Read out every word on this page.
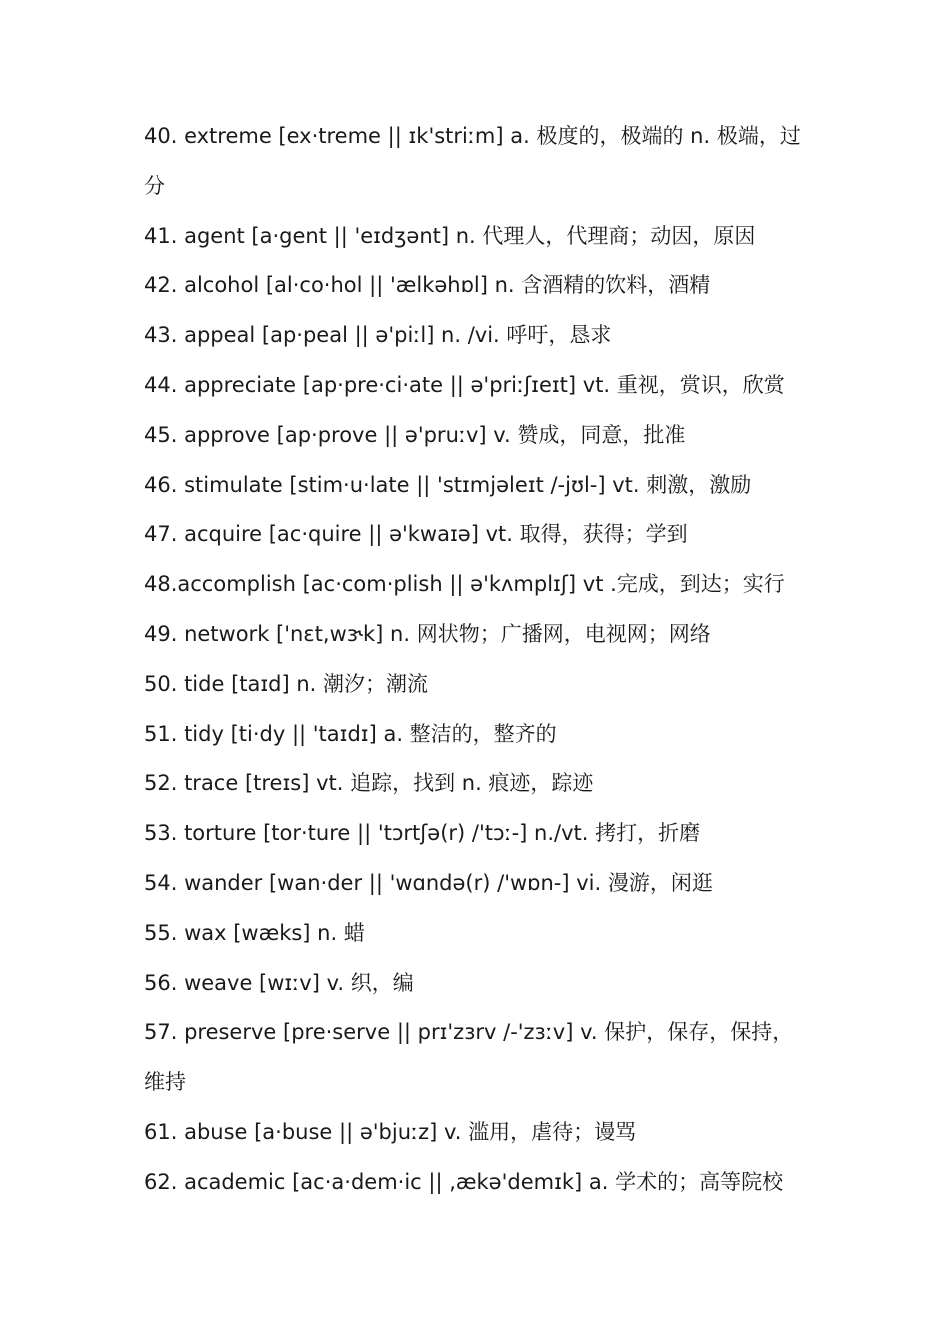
40. extreme [ex·treme || ɪk'striːm] a. 极度的，极端的 n. 极端，过
分
41. agent [a·gent || 'eɪdʒənt] n. 代理人，代理商；动因，原因
42. alcohol [al·co·hol || 'ælkəhɒl] n. 含酒精的饮料，酒精
43. appeal [ap·peal || ə'piːl] n. /vi. 呼吁，恳求
44. appreciate [ap·pre·ci·ate || ə'priːʃɪeɪt] vt. 重视，赏识，欣赏
45. approve [ap·prove || ə'pruːv] v. 赞成，同意，批准
46. stimulate [stim·u·late || 'stɪmjəleɪt /-jʊl-] vt. 刺激，激励
47. acquire [ac·quire || ə'kwaɪə] vt. 取得，获得；学到
48.accomplish [ac·com·plish || ə'kʌmplɪʃ] vt .完成，到达；实行
49. network ['nɛt,wɝk] n. 网状物；广播网，电视网；网络
50. tide [taɪd] n. 潮汐；潮流
51. tidy [ti·dy || 'taɪdɪ] a. 整洁的，整齐的
52. trace [treɪs] vt. 追踪，找到 n. 痕迹，踪迹
53. torture [tor·ture || 'tɔrtʃə(r) /'tɔː-] n./vt. 拷打，折磨
54. wander [wan·der || 'wɑndə(r) /'wɒn-] vi. 漫游，闲逛
55. wax [wæks] n. 蜡
56. weave [wɪːv] v. 织，编
57. preserve [pre·serve || prɪ'zɜrv /-'zɜːv] v. 保护，保存，保持，
维持
61. abuse [a·buse || ə'bjuːz] v. 滥用，虐待；谩骂
62. academic [ac·a·dem·ic || ,ækə'demɪk] a. 学术的；高等院校
